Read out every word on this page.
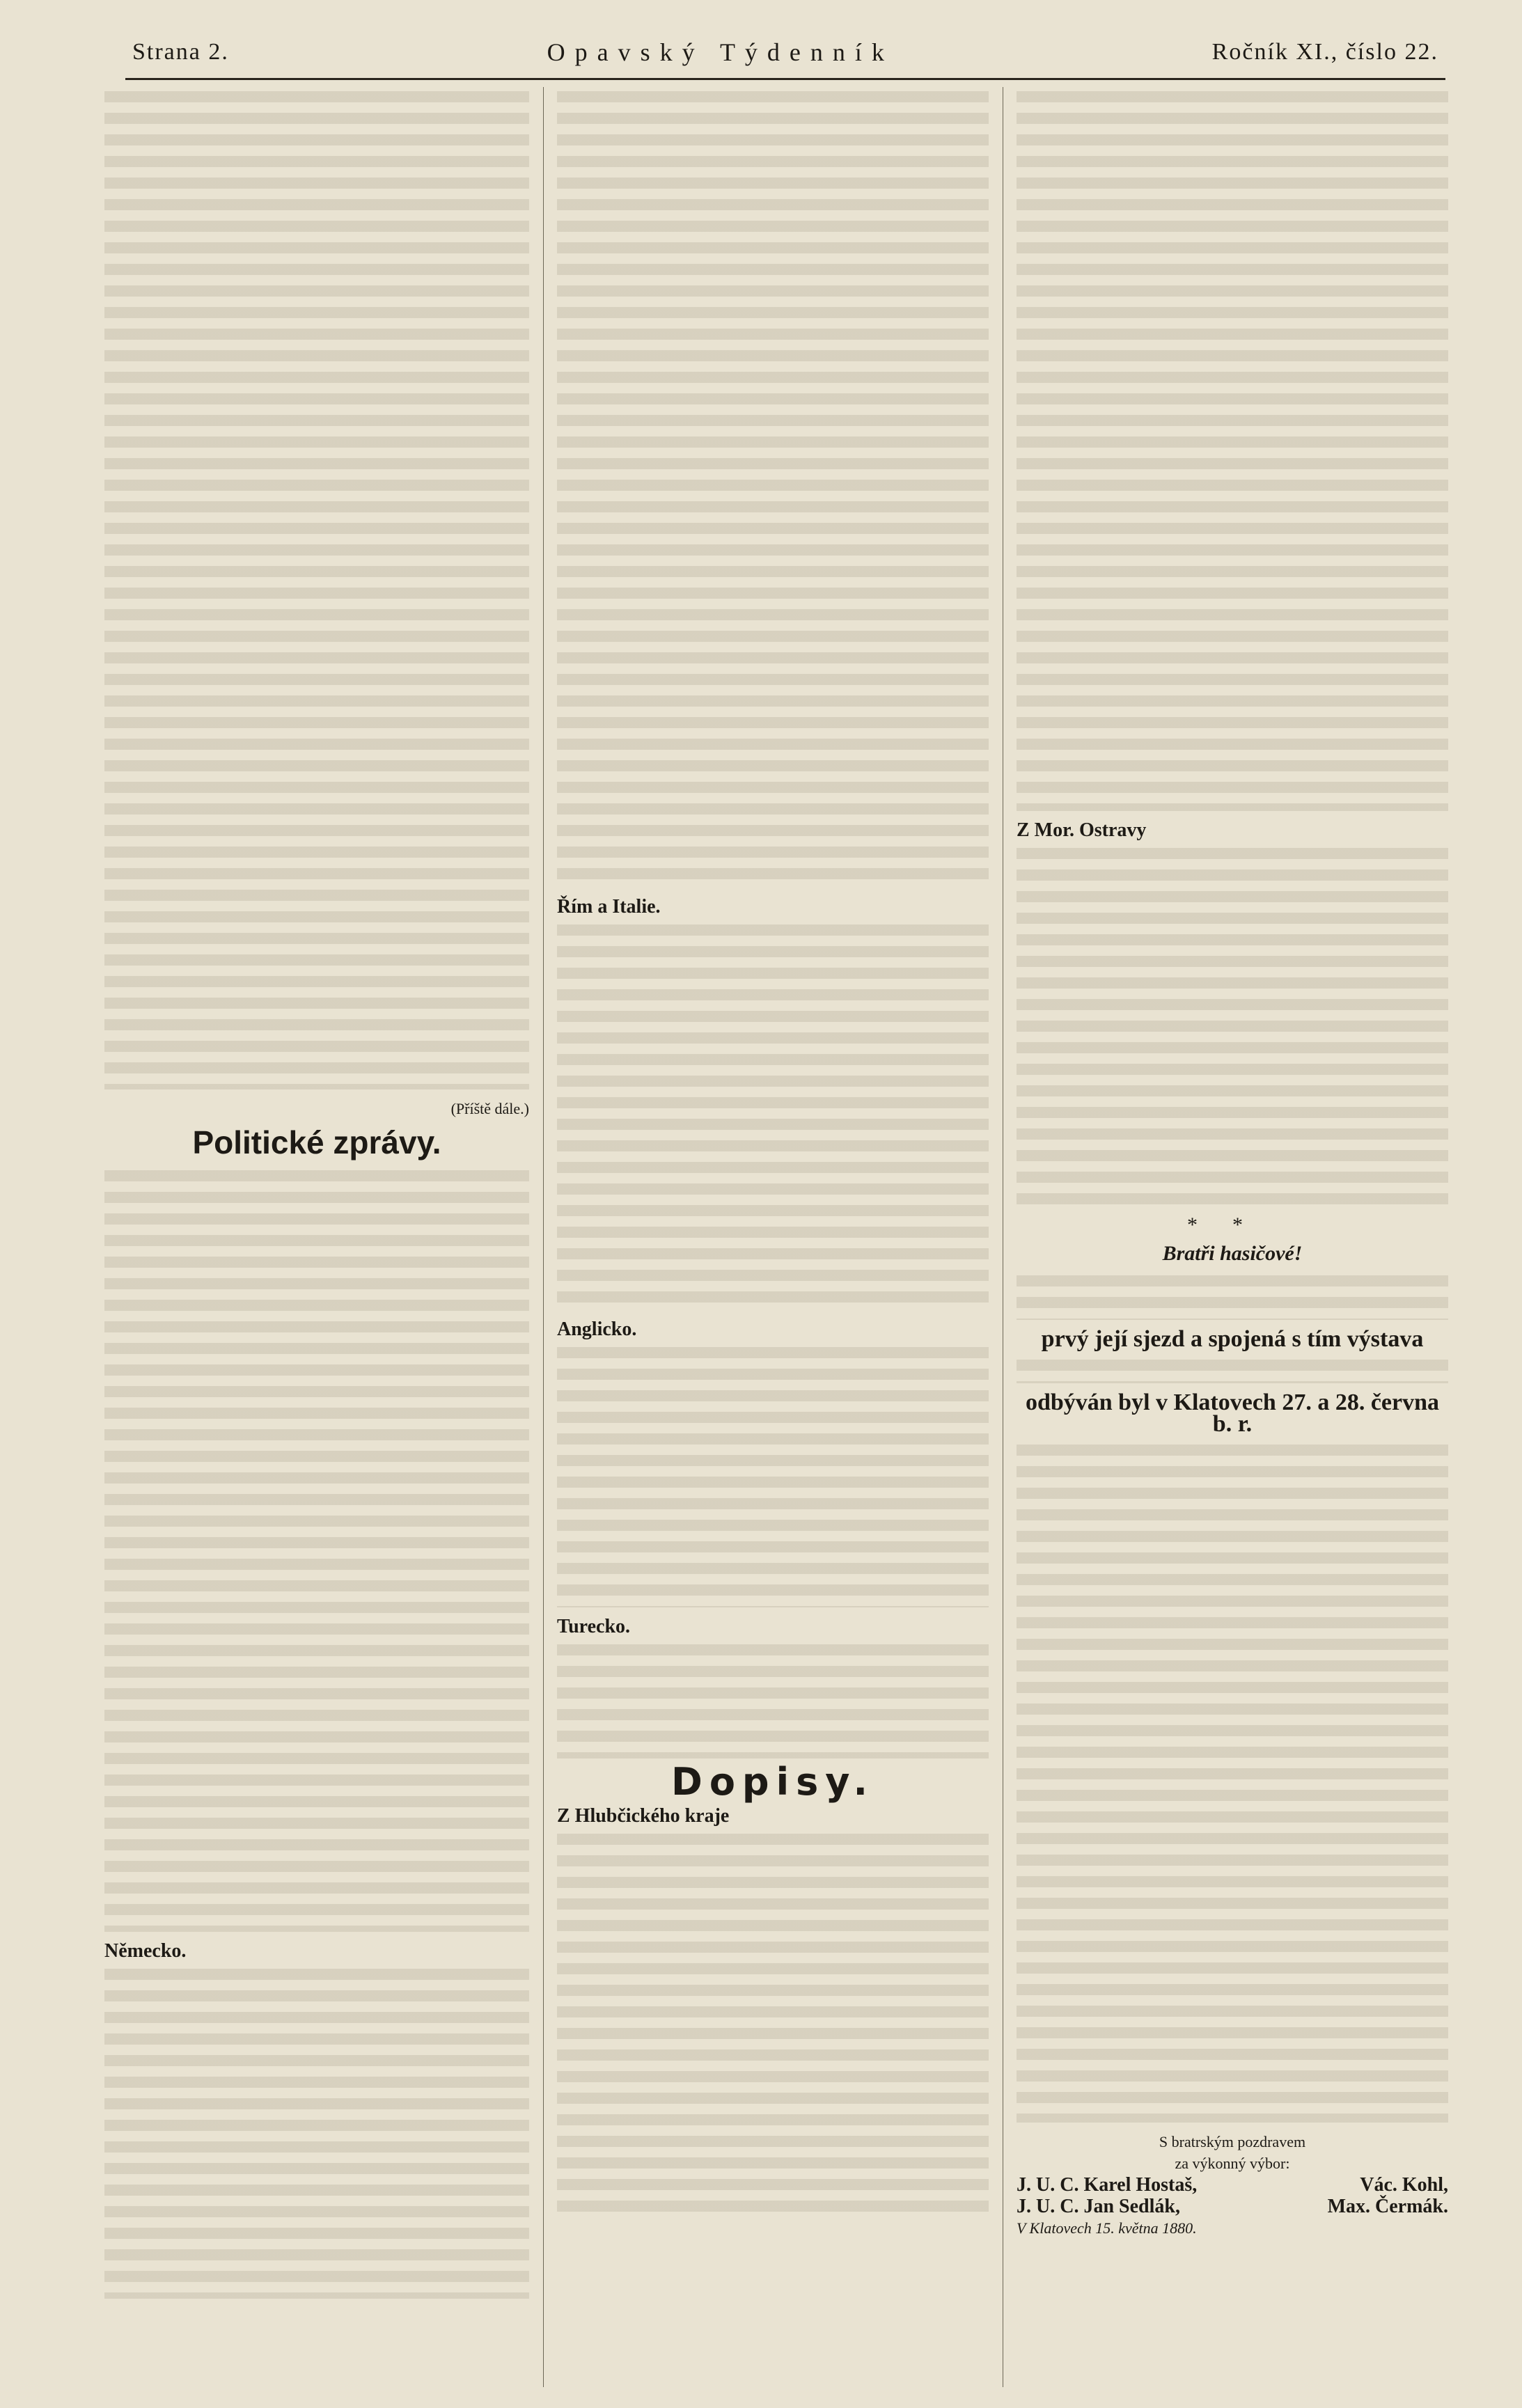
Strana 2.	Opavský Týdenník	Ročník XI., číslo 22.
(Příště dále.)
Politické zprávy.
Německo.
Řím a Italie.
Anglicko.
Turecko.
Dopisy.
Z Hlubčického kraje
Z Mor. Ostravy
**
Bratři hasičové!
prvý její sjezd a spojená s tím výstava
odbýván byl v Klatovech 27. a 28. června b. r.
S bratrským pozdravem
za výkonný výbor:
J. U. C. Karel Hostaš,	Vác. Kohl,
J. U. C. Jan Sedlák,	Max. Čermák.
V Klatovech 15. května 1880.
